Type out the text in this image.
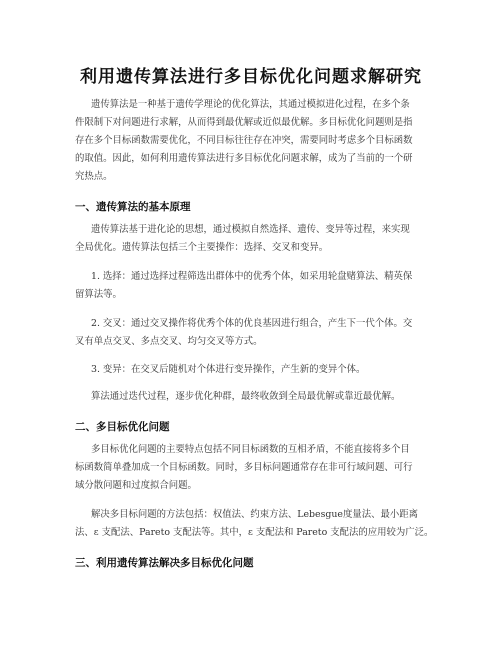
利用遗传算法进行多目标优化问题求解研究
遗传算法是一种基于遗传学理论的优化算法，其通过模拟进化过程，在多个条
件限制下对问题进行求解，从而得到最优解或近似最优解。多目标优化问题则是指
存在多个目标函数需要优化，不同目标往往存在冲突，需要同时考虑多个目标函数
的取值。因此，如何利用遗传算法进行多目标优化问题求解，成为了当前的一个研
究热点。
一、遗传算法的基本原理
遗传算法基于进化论的思想，通过模拟自然选择、遗传、变异等过程，来实现
全局优化。遗传算法包括三个主要操作：选择、交叉和变异。
1. 选择：通过选择过程筛选出群体中的优秀个体，如采用轮盘赌算法、精英保
留算法等。
2. 交叉：通过交叉操作将优秀个体的优良基因进行组合，产生下一代个体。交
叉有单点交叉、多点交叉、均匀交叉等方式。
3. 变异：在交叉后随机对个体进行变异操作，产生新的变异个体。
算法通过迭代过程，逐步优化种群，最终收敛到全局最优解或靠近最优解。
二、多目标优化问题
多目标优化问题的主要特点包括不同目标函数的互相矛盾，不能直接将多个目
标函数简单叠加成一个目标函数。同时，多目标问题通常存在非可行域问题、可行
域分散问题和过度拟合问题。
解决多目标问题的方法包括：权值法、约束方法、Lebesgue度量法、最小距离
法、ε 支配法、Pareto 支配法等。其中，ε 支配法和 Pareto 支配法的应用较为广泛。
三、利用遗传算法解决多目标优化问题
